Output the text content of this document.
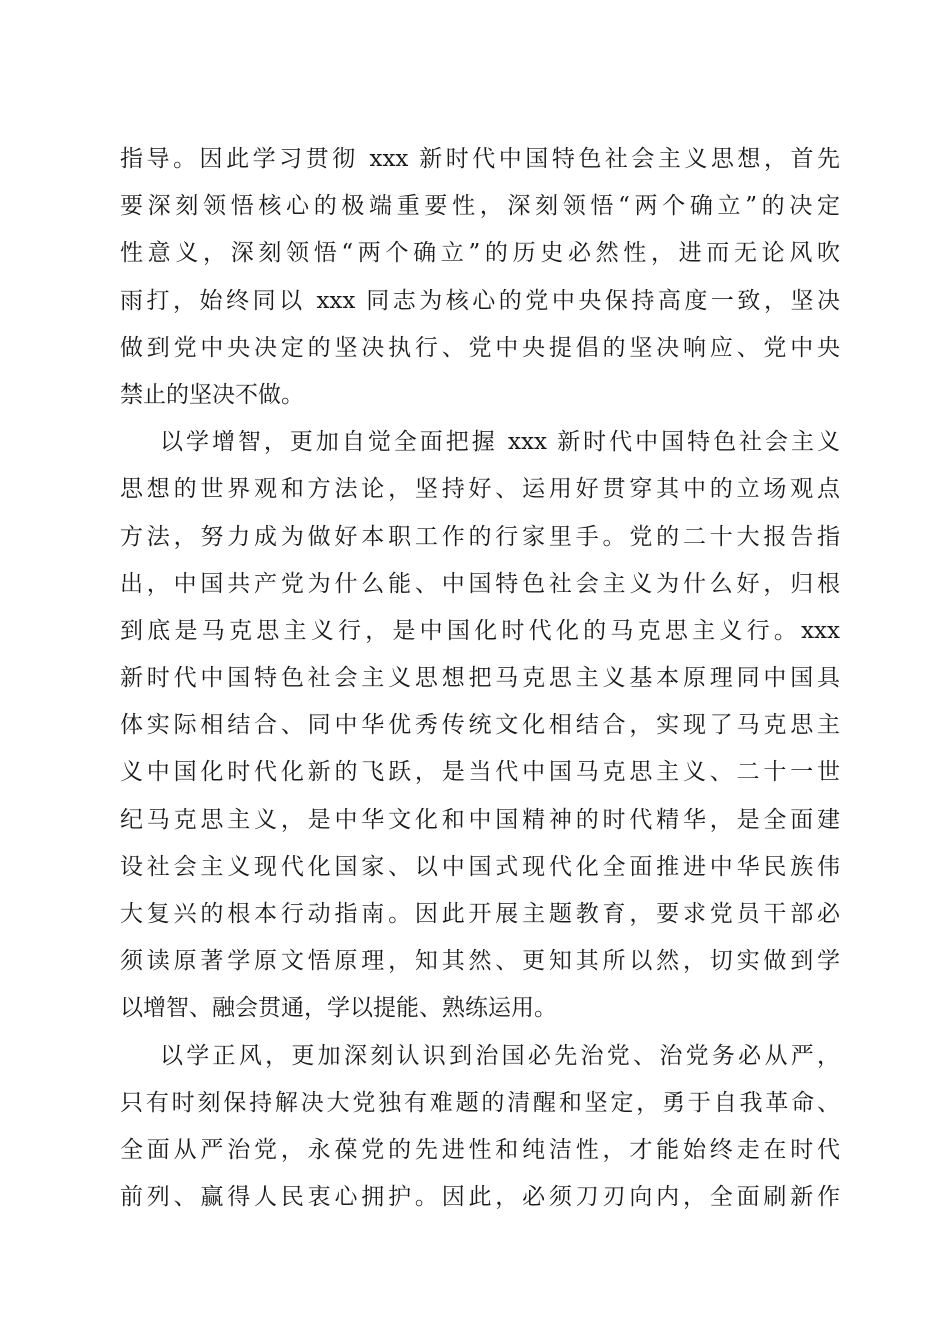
指导。因此学习贯彻 xxx 新时代中国特色社会主义思想，首先
要深刻领悟核心的极端重要性，深刻领悟“两个确立”的决定
性意义，深刻领悟“两个确立”的历史必然性，进而无论风吹
雨打，始终同以 xxx 同志为核心的党中央保持高度一致，坚决
做到党中央决定的坚决执行、党中央提倡的坚决响应、党中央
禁止的坚决不做。
以学增智，更加自觉全面把握 xxx 新时代中国特色社会主义
思想的世界观和方法论，坚持好、运用好贯穿其中的立场观点
方法，努力成为做好本职工作的行家里手。党的二十大报告指
出，中国共产党为什么能、中国特色社会主义为什么好，归根
到底是马克思主义行，是中国化时代化的马克思主义行。xxx
新时代中国特色社会主义思想把马克思主义基本原理同中国具
体实际相结合、同中华优秀传统文化相结合，实现了马克思主
义中国化时代化新的飞跃，是当代中国马克思主义、二十一世
纪马克思主义，是中华文化和中国精神的时代精华，是全面建
设社会主义现代化国家、以中国式现代化全面推进中华民族伟
大复兴的根本行动指南。因此开展主题教育，要求党员干部必
须读原著学原文悟原理，知其然、更知其所以然，切实做到学
以增智、融会贯通，学以提能、熟练运用。
以学正风，更加深刻认识到治国必先治党、治党务必从严，
只有时刻保持解决大党独有难题的清醒和坚定，勇于自我革命、
全面从严治党，永葆党的先进性和纯洁性，才能始终走在时代
前列、赢得人民衷心拥护。因此，必须刀刃向内，全面刷新作
